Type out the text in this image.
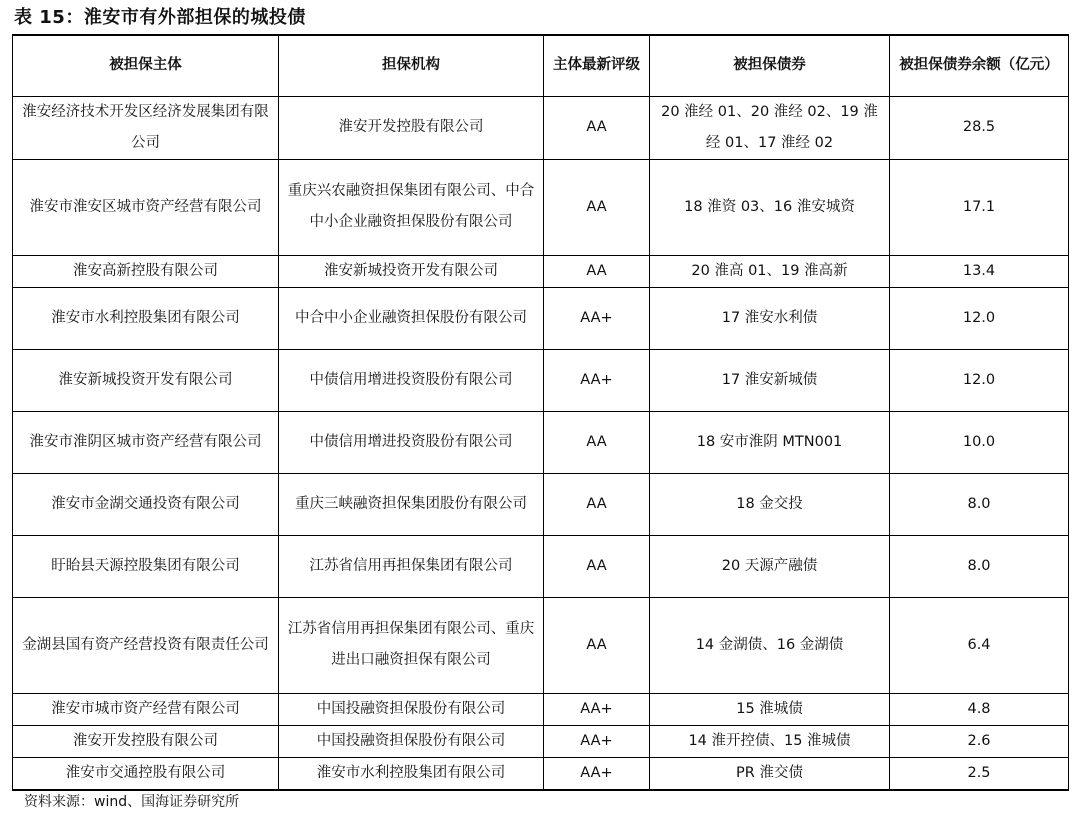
表 15：淮安市有外部担保的城投债
被担保主体	担保机构	主体最新评级	被担保债券	被担保债券余额（亿元）
淮安经济技术开发区经济发展集团有限公司	淮安开发控股有限公司	AA	20 淮经 01、20 淮经 02、19 淮经 01、17 淮经 02	28.5
淮安市淮安区城市资产经营有限公司	重庆兴农融资担保集团有限公司、中合中小企业融资担保股份有限公司	AA	18 淮资 03、16 淮安城资	17.1
淮安高新控股有限公司	淮安新城投资开发有限公司	AA	20 淮高 01、19 淮高新	13.4
淮安市水利控股集团有限公司	中合中小企业融资担保股份有限公司	AA+	17 淮安水利债	12.0
淮安新城投资开发有限公司	中债信用增进投资股份有限公司	AA+	17 淮安新城债	12.0
淮安市淮阴区城市资产经营有限公司	中债信用增进投资股份有限公司	AA	18 安市淮阴 MTN001	10.0
淮安市金湖交通投资有限公司	重庆三峡融资担保集团股份有限公司	AA	18 金交投	8.0
盱眙县天源控股集团有限公司	江苏省信用再担保集团有限公司	AA	20 天源产融债	8.0
金湖县国有资产经营投资有限责任公司	江苏省信用再担保集团有限公司、重庆进出口融资担保有限公司	AA	14 金湖债、16 金湖债	6.4
淮安市城市资产经营有限公司	中国投融资担保股份有限公司	AA+	15 淮城债	4.8
淮安开发控股有限公司	中国投融资担保股份有限公司	AA+	14 淮开控债、15 淮城债	2.6
淮安市交通控股有限公司	淮安市水利控股集团有限公司	AA+	PR 淮交债	2.5
资料来源：wind、国海证券研究所
